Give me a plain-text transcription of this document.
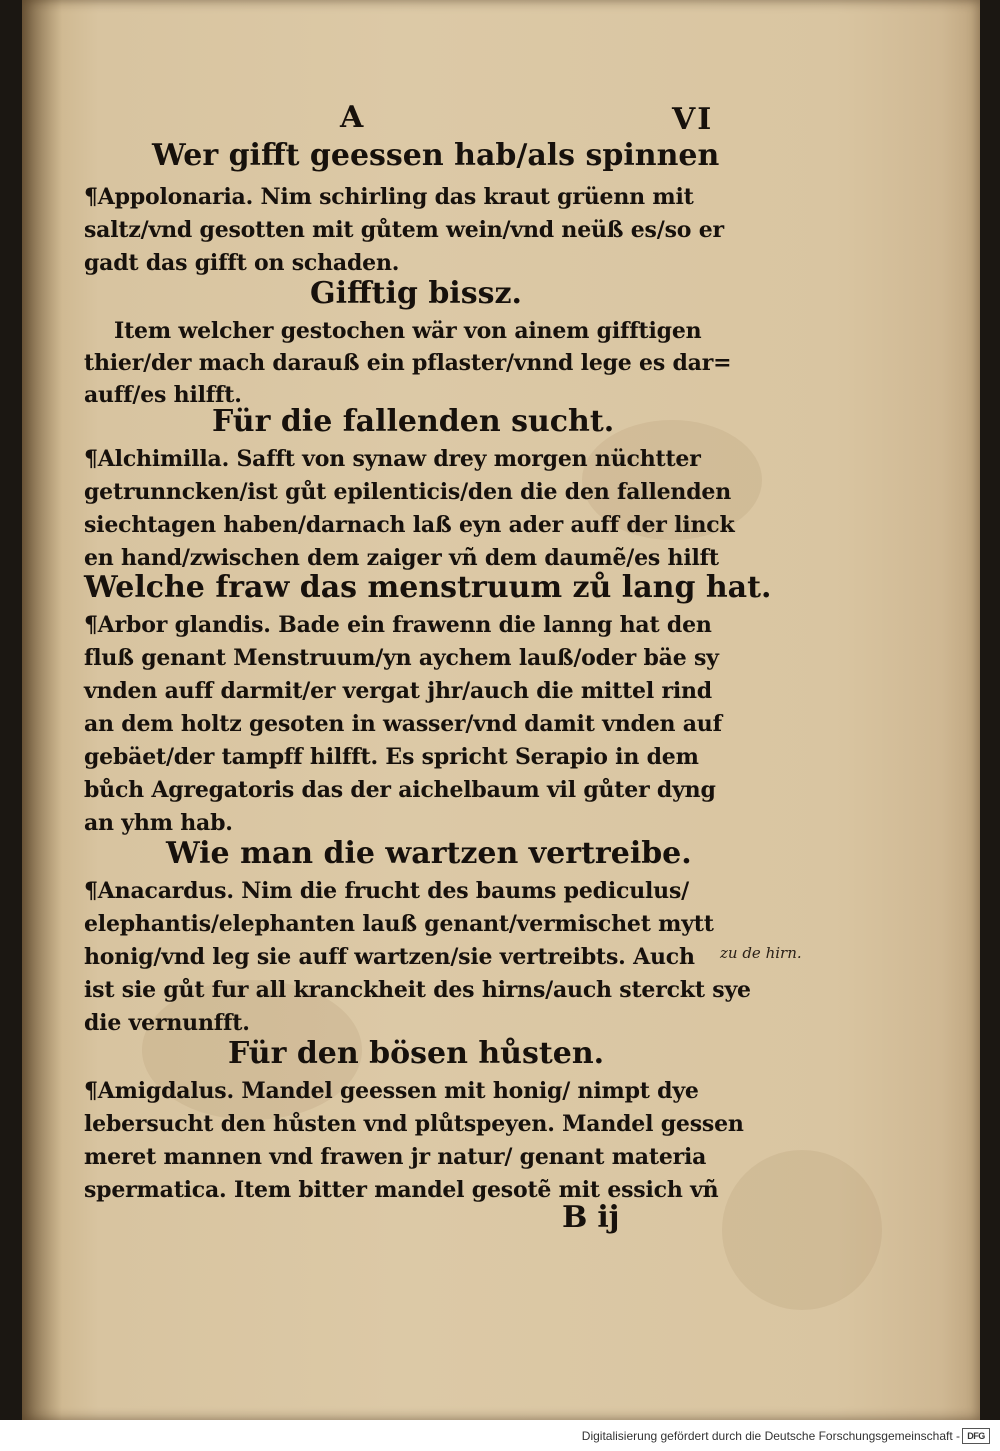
A	VI
Wer gifft geessen hab/als spinnen
¶Appolonaria. Nim schirling das kraut grüenn mit
saltz/vnd gesotten mit gůtem wein/vnd neüß es/so er
gadt das gifft on schaden.
Gifftig bissz.
Item welcher gestochen wär von ainem gifftigen
thier/der mach darauß ein pflaster/vnnd lege es dar=
auff/es hilfft.
Für die fallenden sucht.
¶Alchimilla. Safft von synaw drey morgen nüchtter
getrunncken/ist gůt epilenticis/den die den fallenden
siechtagen haben/darnach laß eyn ader auff der linck
en hand/zwischen dem zaiger vñ dem daumẽ/es hilft
Welche fraw das menstruum zů lang hat.
¶Arbor glandis. Bade ein frawenn die lanng hat den
fluß genant Menstruum/yn aychem lauß/oder bäe sy
vnden auff darmit/er vergat jhr/auch die mittel rind
an dem holtz gesoten in wasser/vnd damit vnden auf
gebäet/der tampff hilfft. Es spricht Serapio in dem
bůch Agregatoris das der aichelbaum vil gůter dyng
an yhm hab.
Wie man die wartzen vertreibe.
¶Anacardus. Nim die frucht des baums pediculus/
elephantis/elephanten lauß genant/vermischet mytt
honig/vnd leg sie auff wartzen/sie vertreibts. Auch zu de hirn.
ist sie gůt fur all kranckheit des hirns/auch sterckt sye
die vernunfft.
Für den bösen hůsten.
¶Amigdalus. Mandel geessen mit honig/ nimpt dye
lebersucht den hůsten vnd plůtspeyen. Mandel gessen
meret mannen vnd frawen jr natur/ genant materia
spermatica. Item bitter mandel gesotẽ mit essich vñ
B ij
Digitalisierung gefördert durch die Deutsche Forschungsgemeinschaft - DFG
